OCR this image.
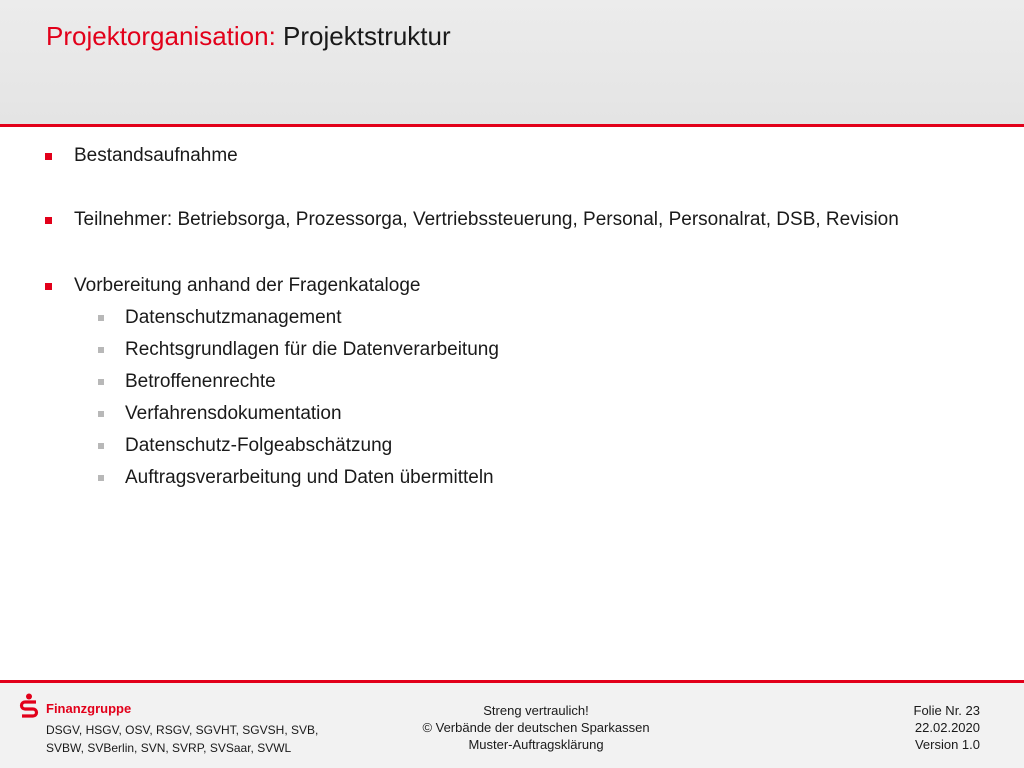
Projektorganisation: Projektstruktur
Bestandsaufnahme
Teilnehmer: Betriebsorga, Prozessorga, Vertriebssteuerung, Personal, Personalrat, DSB, Revision
Vorbereitung anhand der Fragenkataloge
Datenschutzmanagement
Rechtsgrundlagen für die Datenverarbeitung
Betroffenenrechte
Verfahrensdokumentation
Datenschutz-Folgeabschätzung
Auftragsverarbeitung und Daten übermitteln
Finanzgruppe
DSGV, HSGV, OSV, RSGV, SGVHT, SGVSH, SVB,
SVBW, SVBerlin, SVN, SVRP, SVSaar, SVWL
Streng vertraulich!
© Verbände der deutschen Sparkassen
Muster-Auftragsklärung
Folie Nr. 23
22.02.2020
Version 1.0
